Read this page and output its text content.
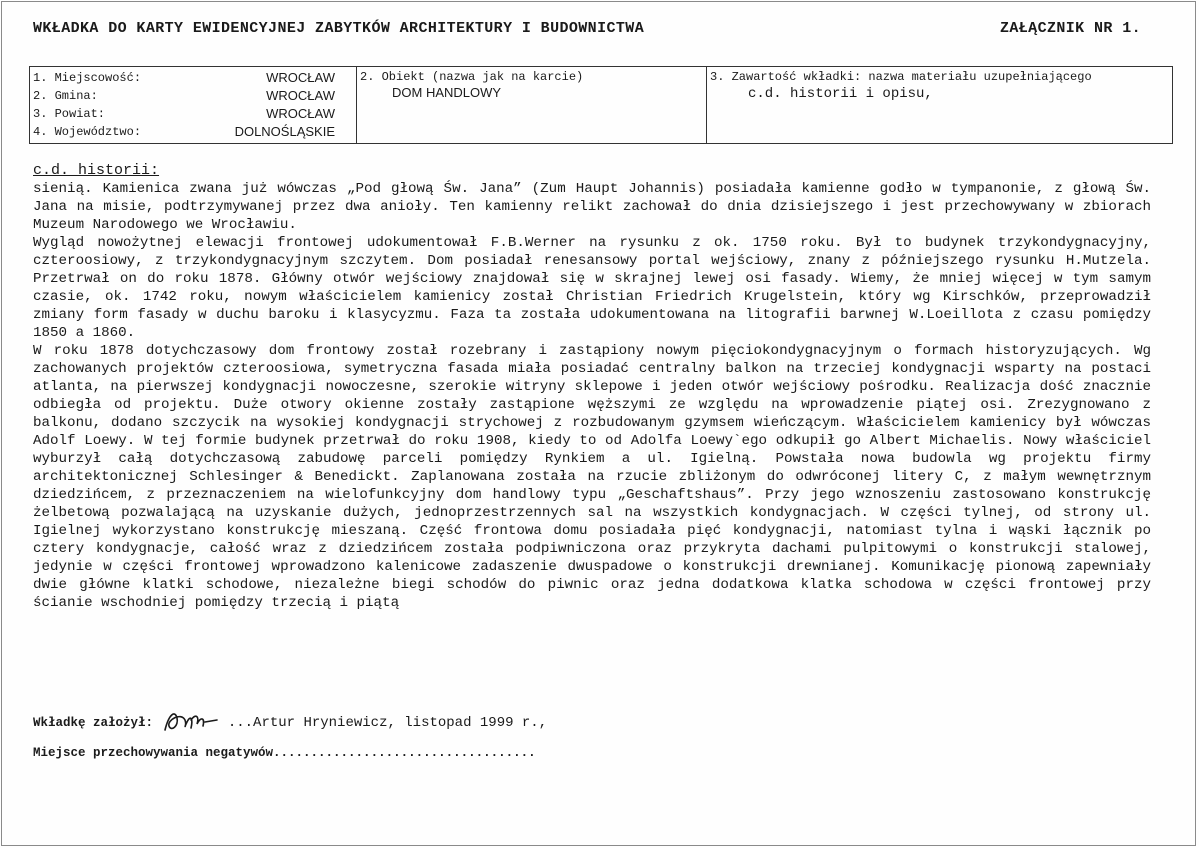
WKŁADKA DO KARTY EWIDENCYJNEJ ZABYTKÓW ARCHITEKTURY I BUDOWNICTWA	ZAŁĄCZNIK NR 1.
1. Miejscowość:	WROCŁAW
2. Gmina:	WROCŁAW
3. Powiat:	WROCŁAW
4. Województwo:	DOLNOŚLĄSKIE

2. Obiekt (nazwa jak na karcie)
DOM HANDLOWY

3. Zawartość wkładki: nazwa materiału uzupełniającego
c.d. historii i opisu,
c.d. historii:

sienią. Kamienica zwana już wówczas „Pod głową Św. Jana” (Zum Haupt Johannis) posiadała kamienne godło w tympanonie, z głową Św. Jana na misie, podtrzymywanej przez dwa anioły. Ten kamienny relikt zachował do dnia dzisiejszego i jest przechowywany w zbiorach Muzeum Narodowego we Wrocławiu.

Wygląd nowożytnej elewacji frontowej udokumentował F.B.Werner na rysunku z ok. 1750 roku. Był to budynek trzykondygnacyjny, czteroosiowy, z trzykondygnacyjnym szczytem. Dom posiadał renesansowy portal wejściowy, znany z późniejszego rysunku H.Mutzela. Przetrwał on do roku 1878. Główny otwór wejściowy znajdował się w skrajnej lewej osi fasady. Wiemy, że mniej więcej w tym samym czasie, ok. 1742 roku, nowym właścicielem kamienicy został Christian Friedrich Krugelstein, który wg Kirschków, przeprowadził zmiany form fasady w duchu baroku i klasycyzmu. Faza ta została udokumentowana na litografii barwnej W.Loeillota z czasu pomiędzy 1850 a 1860.

W roku 1878 dotychczasowy dom frontowy został rozebrany i zastąpiony nowym pięciokondygnacyjnym o formach historyzujących. Wg zachowanych projektów czteroosiowa, symetryczna fasada miała posiadać centralny balkon na trzeciej kondygnacji wsparty na postaci atlanta, na pierwszej kondygnacji nowoczesne, szerokie witryny sklepowe i jeden otwór wejściowy pośrodku. Realizacja dość znacznie odbiegła od projektu. Duże otwory okienne zostały zastąpione węższymi ze względu na wprowadzenie piątej osi. Zrezygnowano z balkonu, dodano szczycik na wysokiej kondygnacji strychowej z rozbudowanym gzymsem wieńczącym. Właścicielem kamienicy był wówczas Adolf Loewy. W tej formie budynek przetrwał do roku 1908, kiedy to od Adolfa Loewy`ego odkupił go Albert Michaelis. Nowy właściciel wyburzył całą dotychczasową zabudowę parceli pomiędzy Rynkiem a ul. Igielną. Powstała nowa budowla wg projektu firmy architektonicznej Schlesinger & Benedickt. Zaplanowana została na rzucie zbliżonym do odwróconej litery C, z małym wewnętrznym dziedzińcem, z przeznaczeniem na wielofunkcyjny dom handlowy typu „Geschaftshaus”. Przy jego wznoszeniu zastosowano konstrukcję żelbetową pozwalającą na uzyskanie dużych, jednoprzestrzennych sal na wszystkich kondygnacjach. W części tylnej, od strony ul. Igielnej wykorzystano konstrukcję mieszaną. Część frontowa domu posiadała pięć kondygnacji, natomiast tylna i wąski łącznik po cztery kondygnacje, całość wraz z dziedzińcem została podpiwniczona oraz przykryta dachami pulpitowymi o konstrukcji stalowej, jedynie w części frontowej wprowadzono kalenicowe zadaszenie dwuspadowe o konstrukcji drewnianej. Komunikację pionową zapewniały dwie główne klatki schodowe, niezależne biegi schodów do piwnic oraz jedna dodatkowa klatka schodowa w części frontowej przy ścianie wschodniej pomiędzy trzecią i piątą

Wkładkę założył:	...Artur Hryniewicz, listopad 1999 r.,
Miejsce przechowywania negatywów...................................
